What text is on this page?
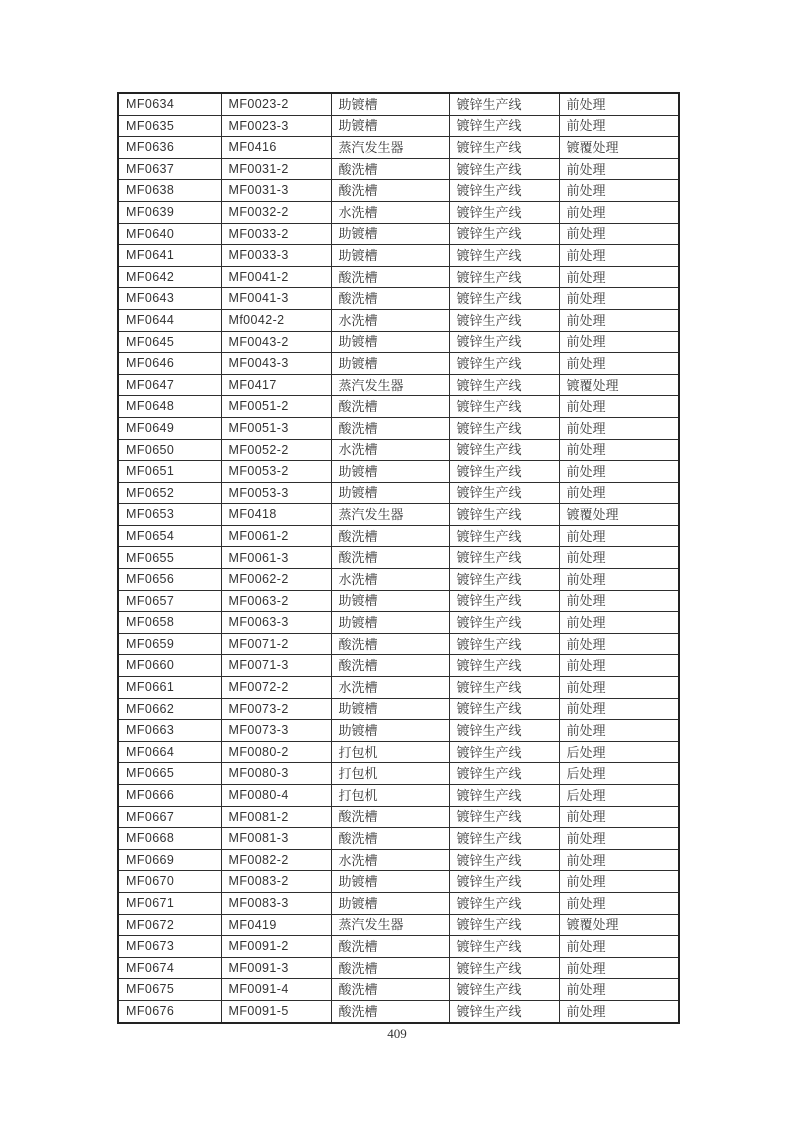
MF0634	MF0023-2	助镀槽	镀锌生产线	前处理
MF0635	MF0023-3	助镀槽	镀锌生产线	前处理
MF0636	MF0416	蒸汽发生器	镀锌生产线	镀覆处理
MF0637	MF0031-2	酸洗槽	镀锌生产线	前处理
MF0638	MF0031-3	酸洗槽	镀锌生产线	前处理
MF0639	MF0032-2	水洗槽	镀锌生产线	前处理
MF0640	MF0033-2	助镀槽	镀锌生产线	前处理
MF0641	MF0033-3	助镀槽	镀锌生产线	前处理
MF0642	MF0041-2	酸洗槽	镀锌生产线	前处理
MF0643	MF0041-3	酸洗槽	镀锌生产线	前处理
MF0644	Mf0042-2	水洗槽	镀锌生产线	前处理
MF0645	MF0043-2	助镀槽	镀锌生产线	前处理
MF0646	MF0043-3	助镀槽	镀锌生产线	前处理
MF0647	MF0417	蒸汽发生器	镀锌生产线	镀覆处理
MF0648	MF0051-2	酸洗槽	镀锌生产线	前处理
MF0649	MF0051-3	酸洗槽	镀锌生产线	前处理
MF0650	MF0052-2	水洗槽	镀锌生产线	前处理
MF0651	MF0053-2	助镀槽	镀锌生产线	前处理
MF0652	MF0053-3	助镀槽	镀锌生产线	前处理
MF0653	MF0418	蒸汽发生器	镀锌生产线	镀覆处理
MF0654	MF0061-2	酸洗槽	镀锌生产线	前处理
MF0655	MF0061-3	酸洗槽	镀锌生产线	前处理
MF0656	MF0062-2	水洗槽	镀锌生产线	前处理
MF0657	MF0063-2	助镀槽	镀锌生产线	前处理
MF0658	MF0063-3	助镀槽	镀锌生产线	前处理
MF0659	MF0071-2	酸洗槽	镀锌生产线	前处理
MF0660	MF0071-3	酸洗槽	镀锌生产线	前处理
MF0661	MF0072-2	水洗槽	镀锌生产线	前处理
MF0662	MF0073-2	助镀槽	镀锌生产线	前处理
MF0663	MF0073-3	助镀槽	镀锌生产线	前处理
MF0664	MF0080-2	打包机	镀锌生产线	后处理
MF0665	MF0080-3	打包机	镀锌生产线	后处理
MF0666	MF0080-4	打包机	镀锌生产线	后处理
MF0667	MF0081-2	酸洗槽	镀锌生产线	前处理
MF0668	MF0081-3	酸洗槽	镀锌生产线	前处理
MF0669	MF0082-2	水洗槽	镀锌生产线	前处理
MF0670	MF0083-2	助镀槽	镀锌生产线	前处理
MF0671	MF0083-3	助镀槽	镀锌生产线	前处理
MF0672	MF0419	蒸汽发生器	镀锌生产线	镀覆处理
MF0673	MF0091-2	酸洗槽	镀锌生产线	前处理
MF0674	MF0091-3	酸洗槽	镀锌生产线	前处理
MF0675	MF0091-4	酸洗槽	镀锌生产线	前处理
MF0676	MF0091-5	酸洗槽	镀锌生产线	前处理
409
